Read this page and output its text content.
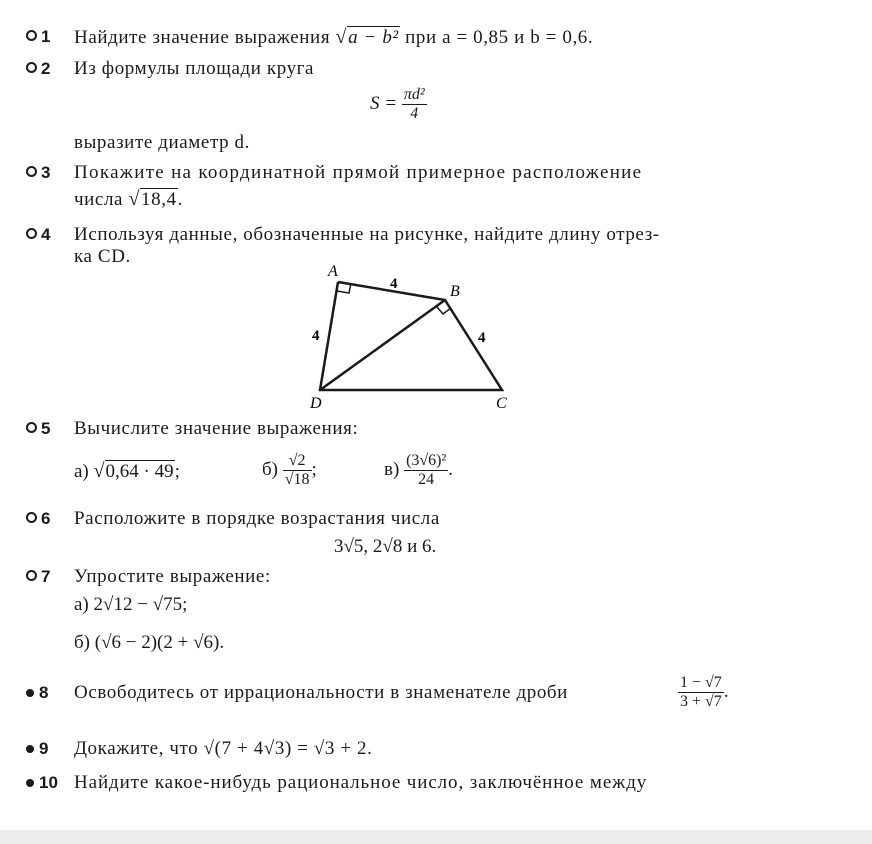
1	Найдите значение выражения √a − b² при a = 0,85 и b = 0,6.
2	Из формулы площади круга
$S = \frac{\text{πd²}}{4}$
выразите диаметр d.
3	Покажите на координатной прямой примерное расположение
числа √18,4.
4	Используя данные, обозначенные на рисунке, найдите длину отрез-
ка CD.
A
B
C
D
4
4	4
5	Вычислите значение выражения:
а) √0,64 · 49;	$б) \frac{√2}{√18}$ ;	$в) \frac{\text{(3√6)²}}{24}$ .
6	Расположите в порядке возрастания числа
3√5, 2√8 и 6.
7	Упростите выражение:
а) 2√12 − √75;
б) (√6 − 2)(2 + √6).
8	Освободитесь от иррациональности в знаменателе дроби	$\frac{1 - √7}{3 + √7}$ .
9	Докажите, что √(7 + 4√3) = √3 + 2.
10 Найдите какое-нибудь рациональное число, заключённое между
